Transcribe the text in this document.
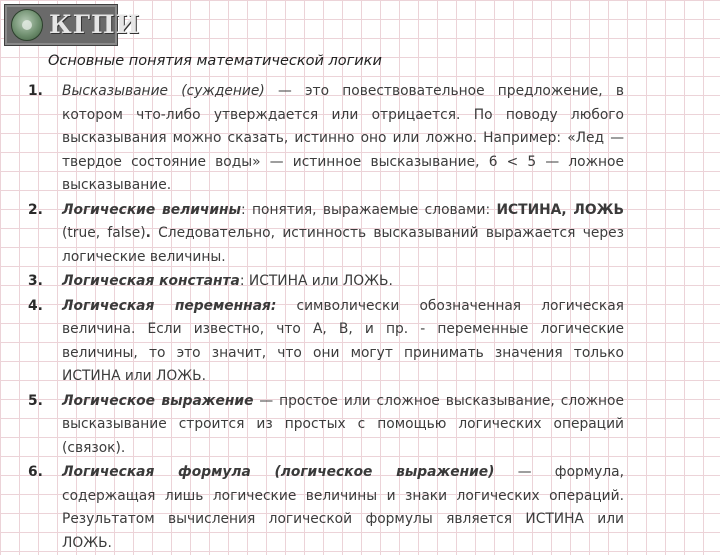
КГПИ
Основные понятия математической логики
1. Высказывание (суждение) — это повествовательное предложение, в котором что-либо утверждается или отрицается. По поводу любого высказывания можно сказать, истинно оно или ложно. Например: «Лед — твердое состояние воды» — истинное высказывание, 6 < 5 — ложное высказывание.
2. Логические величины: понятия, выражаемые словами: ИСТИНА, ЛОЖЬ (true, false). Следовательно, истинность высказываний выражается через логические величины.
3. Логическая константа: ИСТИНА или ЛОЖЬ.
4. Логическая переменная: символически обозначенная логическая величина. Если известно, что А, В, и пр. - переменные логические величины, то это значит, что они могут принимать значения только ИСТИНА или ЛОЖЬ.
5. Логическое выражение — простое или сложное высказывание, сложное высказывание строится из простых с помощью логических операций (связок).
6. Логическая формула (логическое выражение) — формула, содержащая лишь логические величины и знаки логических операций. Результатом вычисления логической формулы является ИСТИНА или ЛОЖЬ.
